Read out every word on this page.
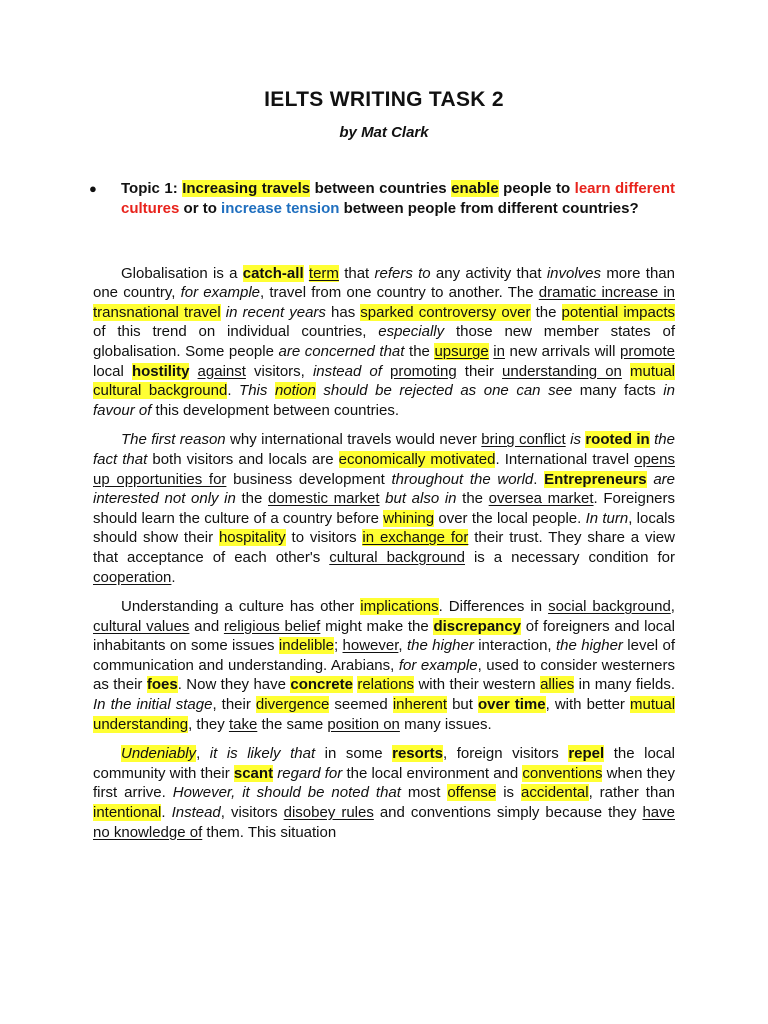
IELTS WRITING TASK 2

by Mat Clark

● Topic 1: Increasing travels between countries enable people to learn different cultures or to increase tension between people from different countries?

Globalisation is a catch-all term that refers to any activity that involves more than one country, for example, travel from one country to another. The dramatic increase in transnational travel in recent years has sparked controversy over the potential impacts of this trend on individual countries, especially those new member states of globalisation. Some people are concerned that the upsurge in new arrivals will promote local hostility against visitors, instead of promoting their understanding on mutual cultural background. This notion should be rejected as one can see many facts in favour of this development between countries.

The first reason why international travels would never bring conflict is rooted in the fact that both visitors and locals are economically motivated. International travel opens up opportunities for business development throughout the world. Entrepreneurs are interested not only in the domestic market but also in the oversea market. Foreigners should learn the culture of a country before whining over the local people. In turn, locals should show their hospitality to visitors in exchange for their trust. They share a view that acceptance of each other's cultural background is a necessary condition for cooperation.

Understanding a culture has other implications. Differences in social background, cultural values and religious belief might make the discrepancy of foreigners and local inhabitants on some issues indelible; however, the higher interaction, the higher level of communication and understanding. Arabians, for example, used to consider westerners as their foes. Now they have concrete relations with their western allies in many fields. In the initial stage, their divergence seemed inherent but over time, with better mutual understanding, they take the same position on many issues.

Undeniably, it is likely that in some resorts, foreign visitors repel the local community with their scant regard for the local environment and conventions when they first arrive. However, it should be noted that most offense is accidental, rather than intentional. Instead, visitors disobey rules and conventions simply because they have no knowledge of them. This situation
